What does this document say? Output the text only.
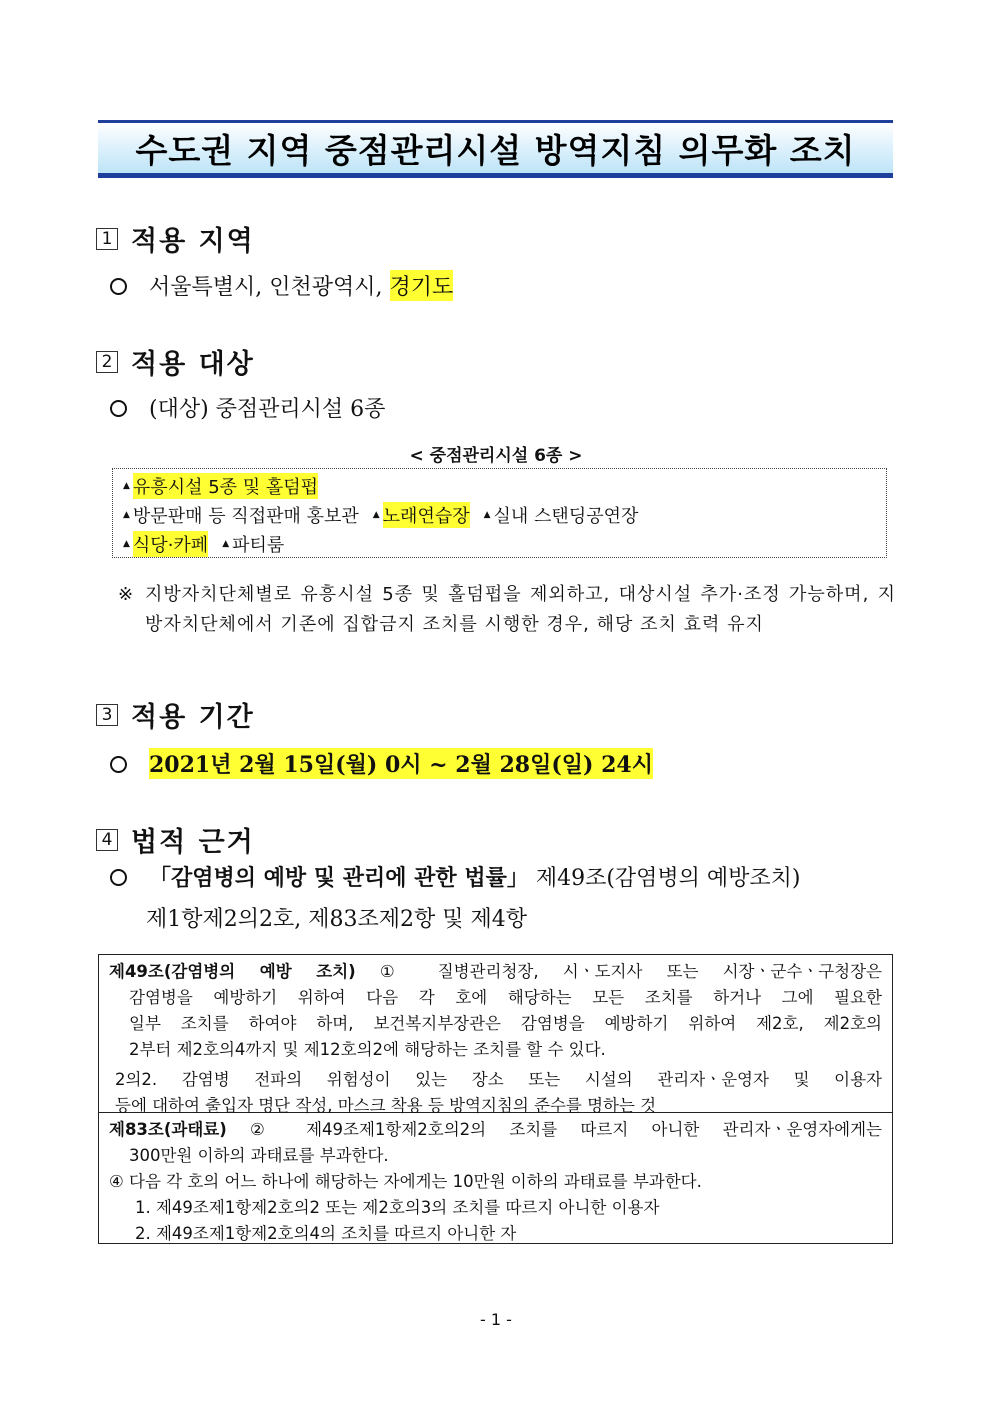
수도권 지역 중점관리시설 방역지침 의무화 조치
1 적용 지역
서울특별시, 인천광역시, 경기도
2 적용 대상
(대상) 중점관리시설 6종
< 중점관리시설 6종 >
▲ 유흥시설 5종 및 홀덤펍
▲ 방문판매 등 직접판매 홍보관 ▲ 노래연습장 ▲ 실내 스탠딩공연장
▲ 식당·카페 ▲ 파티룸
※ 지방자치단체별로 유흥시설 5종 및 홀덤펍을 제외하고, 대상시설 추가·조정 가능하며, 지방자치단체에서 기존에 집합금지 조치를 시행한 경우, 해당 조치 효력 유지
3 적용 기간
2021년 2월 15일(월) 0시 ~ 2월 28일(일) 24시
4 법적 근거
「감염병의 예방 및 관리에 관한 법률」 제49조(감염병의 예방조치)
제1항제2의2호, 제83조제2항 및 제4항
제49조(감염병의 예방 조치) ① 질병관리청장, 시ㆍ도지사 또는 시장ㆍ군수ㆍ구청장은
감염병을 예방하기 위하여 다음 각 호에 해당하는 모든 조치를 하거나 그에 필요한
일부 조치를 하여야 하며, 보건복지부장관은 감염병을 예방하기 위하여 제2호, 제2호의
2부터 제2호의4까지 및 제12호의2에 해당하는 조치를 할 수 있다.
2의2. 감염병 전파의 위험성이 있는 장소 또는 시설의 관리자ㆍ운영자 및 이용자
등에 대하여 출입자 명단 작성, 마스크 착용 등 방역지침의 준수를 명하는 것
제83조(과태료) ② 제49조제1항제2호의2의 조치를 따르지 아니한 관리자ㆍ운영자에게는
300만원 이하의 과태료를 부과한다.
④ 다음 각 호의 어느 하나에 해당하는 자에게는 10만원 이하의 과태료를 부과한다.
1. 제49조제1항제2호의2 또는 제2호의3의 조치를 따르지 아니한 이용자
2. 제49조제1항제2호의4의 조치를 따르지 아니한 자
- 1 -
